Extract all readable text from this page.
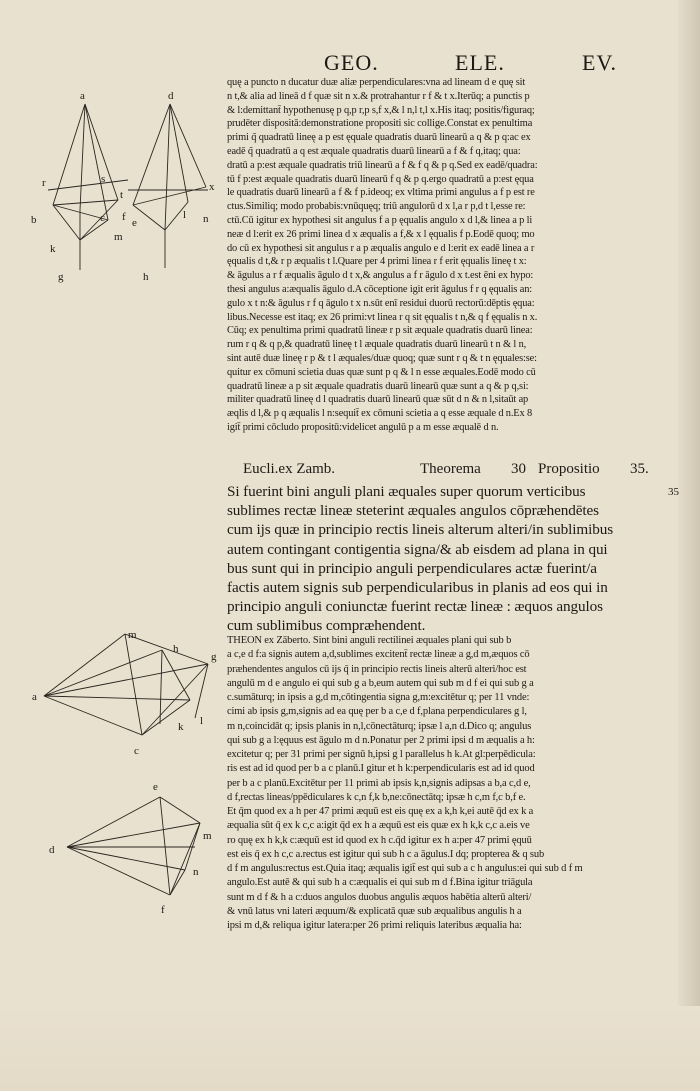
GEO.	ELE.	EV.
a	d
r	s
t
x
b	f
c e
l n
m
k
g	h
quę a puncto n ducatur duæ aliæ perpendiculares:vna ad lineam d e quę sit
n t,& alia ad lineā d f quæ sit n x.& protrahantur r f & t x.Iterūq; a punctis p
& l:demittant̄ hypothenusę p q,p r,p s,f x,& l n,l t,l x.His itaq; positis/figuraq;
prudēter dispositā:demonstratione propositi sic collige.Constat ex penultima
primi q̃ quadratū lineę a p est ęquale quadratis duarū linearū a q & p q:ac ex
eadē q̃ quadratū a q est æquale quadratis duarū linearū a f & f q,itaq; qua:
dratū a p:est æquale quadratis triū linearū a f & f q & p q.Sed ex eadē/quadra:
tū f p:est æquale quadratis duarū linearū f q & p q.ergo quadratū a p:est ęqua
le quadratis duarū linearū a f & f p.ideoq; ex vltima primi angulus a f p est re
ctus.Similiq; modo probabis:vnūquęq; triū angulorū d x l,a r p,d t l,esse re:
ctū.Cū igitur ex hypothesi sit angulus f a p ęqualis angulo x d l,& linea a p li
neæ d l:erit ex 26 primi linea d x æqualis a f,& x l ęqualis f p.Eodē quoq; mo
do cū ex hypothesi sit angulus r a p æqualis angulo e d l:erit ex eadē linea a r
ęqualis d t,& r p æqualis t l.Quare per 4 primi linea r f erit ęqualis lineę t x:
& āgulus a r f æqualis āgulo d t x,& angulus a f r āgulo d x t.est ēni ex hypo:
thesi angulus a:æqualis āgulo d.A cōceptione igit erit āgulus f r q ęqualis an:
gulo x t n:& āgulus r f q āgulo t x n.sūt enī residui duorū rectorū:dēptis ęqua:
libus.Necesse est itaq; ex 26 primi:vt linea r q sit ęqualis t n,& q f ęqualis n x.
Cūq; ex penultima primi quadratū lineæ r p sit æquale quadratis duarū linea:
rum r q & q p,& quadratū lineę t l æquale quadratis duarū linearū t n & l n,
sint autē duæ lineę r p & t l æquales/duæ quoq; quæ sunt r q & t n ęquales:se:
quitur ex cōmuni scietia duas quæ sunt p q & l n esse æquales.Eodē modo cū
quadratū lineæ a p sit æquale quadratis duarū linearū quæ sunt a q & p q,si:
militer quadratū lineę d l quadratis duarū linearū quæ sūt d n & n l,sitaūt ap
æqlis d l,& p q æqualis l n:sequit̄ ex cōmuni scietia a q esse æquale d n.Ex 8
igit̄ primi cōcludo propositū:videlicet angulū p a m esse æqualē d n.
Eucli.ex Zamb.	Theorema 30 Propositio 35.
Si fuerint bini anguli plani æquales super quorum verticibus
sublimes rectæ lineæ steterint æquales angulos cōpræhendētes
cum ijs quæ in principio rectis lineis alterum alteri/in sublimibus
autem contingant contigentia signa/& ab eisdem ad plana in qui
bus sunt qui in principio anguli perpendiculares actæ fuerint/a
factis autem signis sub perpendicularibus in planis ad eos qui in
principio anguli coniunctæ fuerint rectæ lineæ : æquos angulos
cum sublimibus compræhendent.
35
m
h
g
a
k l
c
e
m
d
f
n
THEON ex Zāberto. Sint bini anguli rectilinei æquales plani qui sub b
a c,e d f:a signis autem a,d,sublimes excitent̄ rectæ lineæ a g,d m,æquos cō
præhendentes angulos cū ijs q̄ in principio rectis lineis alterū alteri/hoc est
angulū m d e angulo ei qui sub g a b,eum autem qui sub m d f ei qui sub g a
c.sumāturq; in ipsis a g,d m,cōtingentia signa g,m:excitētur q; per 11 vnde:
cimi ab ipsis g,m,signis ad ea quę per b a c,e d f,plana perpendiculares g l,
m n,coincidāt q; ipsis planis in n,l,cōnectāturq; ipsæ l a,n d.Dico q; angulus
qui sub g a l:ęquus est āgulo m d n.Ponatur per 2 primi ipsi d m æqualis a h:
excitetur q; per 31 primi per signū h,ipsi g l parallelus h k.At gl:perpēdicula:
ris est ad id quod per b a c planū.I gitur et h k:perpendicularis est ad id quod
per b a c planū.Excitētur per 11 primi ab ipsis k,n,signis adipsas a b,a c,d e,
d f,rectas lineas/ppēdiculares k c,n f,k b,ne:cōnectātq; ipsæ h c,m f,c b,f e.
Et q̄m quod ex a h per 47 primi æquū est eis quę ex a k,h k,ei autē q̄d ex k a
æqualia sūt q̄ ex k c,c a:igit q̄d ex h a æquū est eis quæ ex h k,k c,c a.eis ve
ro quę ex h k,k c:æquū est id quod ex h c.q̄d igitur ex h a:per 47 primi ęquū
est eis q̄ ex h c,c a.rectus est igitur qui sub h c a āgulus.I dq; propterea & q sub
d f m angulus:rectus est.Quia itaq; æqualis igit̄ est qui sub a c h angulus:ei qui sub d f m
angulo.Est autē & qui sub h a c:æqualis ei qui sub m d f.Bina igitur triāgula
sunt m d f & h a c:duos angulos duobus angulis æquos habētia alterū alteri/
& vnū latus vni lateri æquum/& explicatā quæ sub æqualibus angulis h a
ipsi m d,& reliqua igitur latera:per 26 primi reliquis lateribus æqualia ha:
